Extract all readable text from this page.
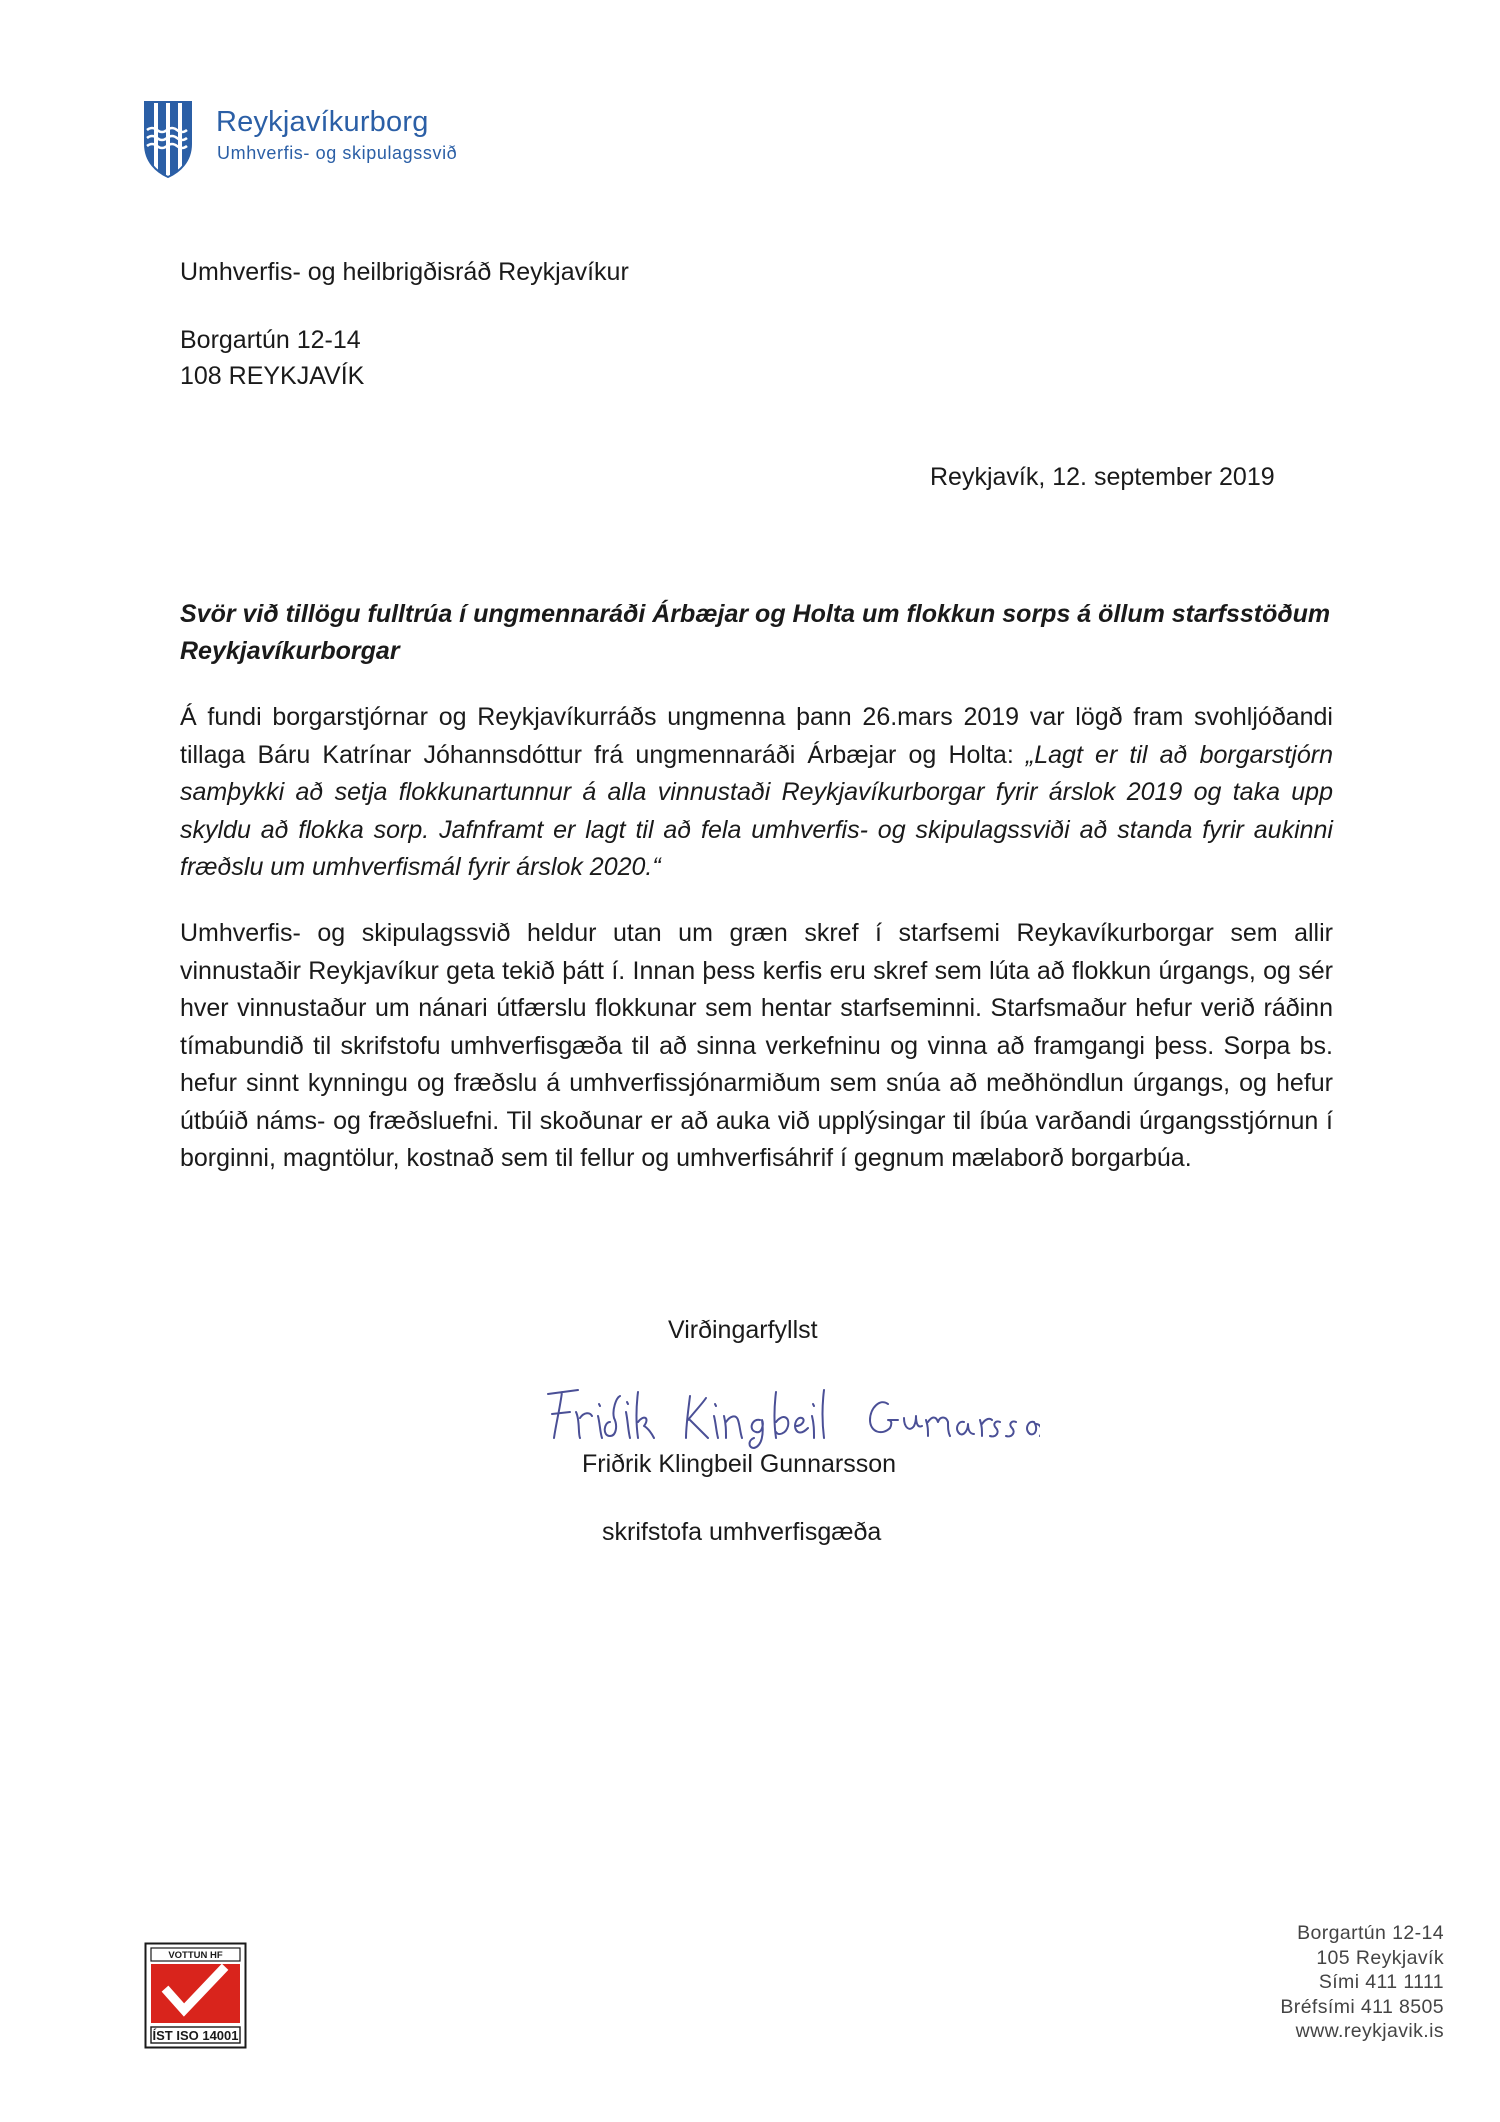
Reykjavíkurborg
Umhverfis- og skipulagssvið
Umhverfis- og heilbrigðisráð Reykjavíkur
Borgartún 12-14
108 REYKJAVÍK
Reykjavík, 12. september 2019
Svör við tillögu fulltrúa í ungmennaráði Árbæjar og Holta um flokkun sorps á öllum starfsstöðum Reykjavíkurborgar
Á fundi borgarstjórnar og Reykjavíkurráðs ungmenna þann 26.mars 2019 var lögð fram svohljóðandi tillaga Báru Katrínar Jóhannsdóttur frá ungmennaráði Árbæjar og Holta: „Lagt er til að borgarstjórn samþykki að setja flokkunartunnur á alla vinnustaði Reykjavíkurborgar fyrir árslok 2019 og taka upp skyldu að flokka sorp. Jafnframt er lagt til að fela umhverfis- og skipulagssviði að standa fyrir aukinni fræðslu um umhverfismál fyrir árslok 2020.“
Umhverfis- og skipulagssvið heldur utan um græn skref í starfsemi Reykavíkurborgar sem allir vinnustaðir Reykjavíkur geta tekið þátt í. Innan þess kerfis eru skref sem lúta að flokkun úrgangs, og sér hver vinnustaður um nánari útfærslu flokkunar sem hentar starfseminni. Starfsmaður hefur verið ráðinn tímabundið til skrifstofu umhverfisgæða til að sinna verkefninu og vinna að framgangi þess. Sorpa bs. hefur sinnt kynningu og fræðslu á umhverfissjónarmiðum sem snúa að meðhöndlun úrgangs, og hefur útbúið náms- og fræðsluefni. Til skoðunar er að auka við upplýsingar til íbúa varðandi úrgangsstjórnun í borginni, magntölur, kostnað sem til fellur og umhverfisáhrif í gegnum mælaborð borgarbúa.
Virðingarfyllst
Friðrik Klingbeil Gunnarsson
skrifstofa umhverfisgæða
VOTTUN HF
ÍST ISO 14001
Borgartún 12-14
105 Reykjavík
Sími 411 1111
Bréfsími 411 8505
www.reykjavik.is
